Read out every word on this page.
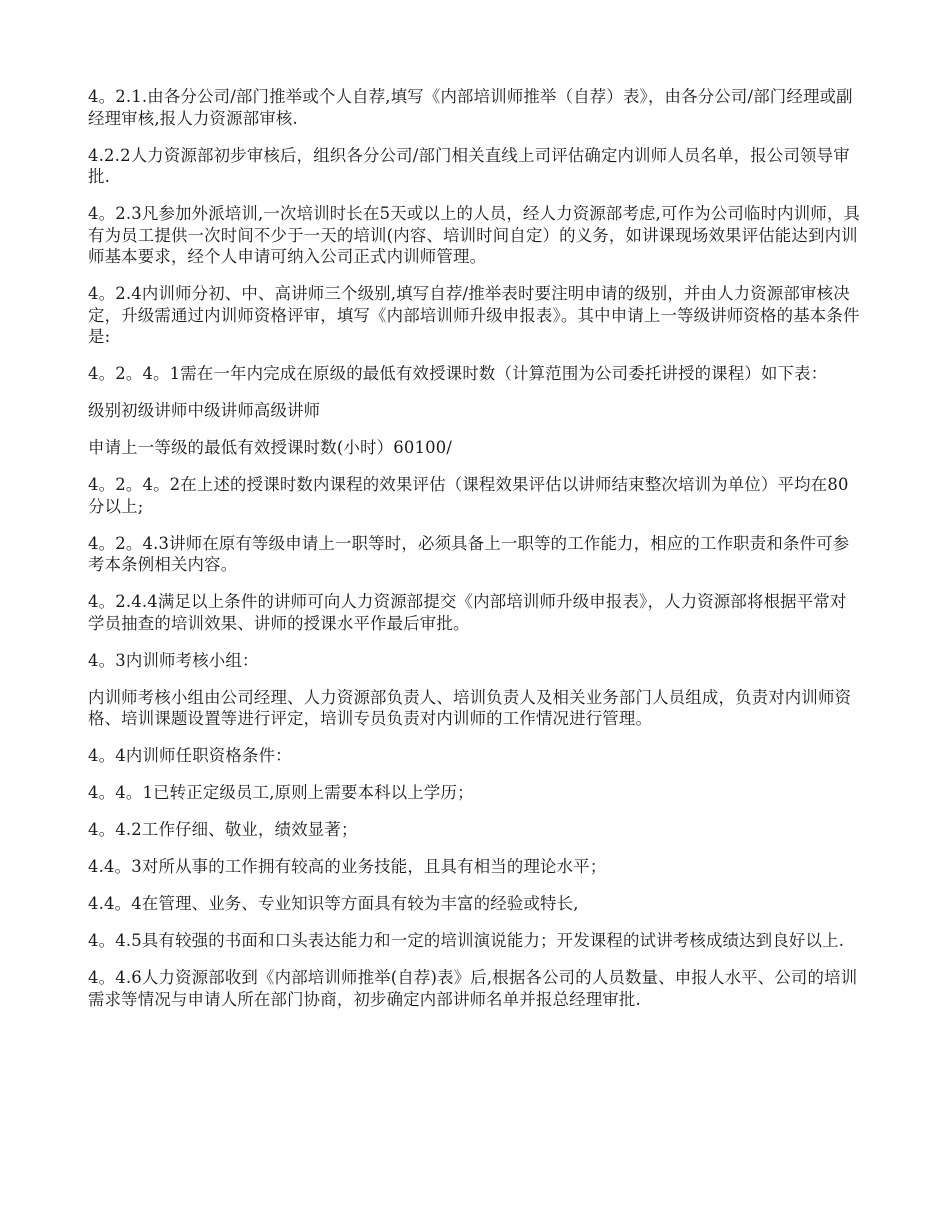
4。2.1.由各分公司/部门推举或个人自荐,填写《内部培训师推举（自荐）表》，由各分公司/部门经理或副经理审核,报人力资源部审核.

4.2.2人力资源部初步审核后，组织各分公司/部门相关直线上司评估确定内训师人员名单，报公司领导审批.

4。2.3凡参加外派培训,一次培训时长在5天或以上的人员，经人力资源部考虑,可作为公司临时内训师，具有为员工提供一次时间不少于一天的培训(内容、培训时间自定）的义务，如讲课现场效果评估能达到内训师基本要求，经个人申请可纳入公司正式内训师管理。

4。2.4内训师分初、中、高讲师三个级别,填写自荐/推举表时要注明申请的级别，并由人力资源部审核决定，升级需通过内训师资格评审，填写《内部培训师升级申报表》。其中申请上一等级讲师资格的基本条件是:

4。2。4。1需在一年内完成在原级的最低有效授课时数（计算范围为公司委托讲授的课程）如下表：

级别初级讲师中级讲师高级讲师

申请上一等级的最低有效授课时数(小时）60100/

4。2。4。2在上述的授课时数内课程的效果评估（课程效果评估以讲师结束整次培训为单位）平均在80分以上;

4。2。4.3讲师在原有等级申请上一职等时，必须具备上一职等的工作能力，相应的工作职责和条件可参考本条例相关内容。

4。2.4.4满足以上条件的讲师可向人力资源部提交《内部培训师升级申报表》，人力资源部将根据平常对学员抽查的培训效果、讲师的授课水平作最后审批。

4。3内训师考核小组：

内训师考核小组由公司经理、人力资源部负责人、培训负责人及相关业务部门人员组成，负责对内训师资格、培训课题设置等进行评定，培训专员负责对内训师的工作情况进行管理。

4。4内训师任职资格条件：

4。4。1已转正定级员工,原则上需要本科以上学历；

4。4.2工作仔细、敬业，绩效显著；

4.4。3对所从事的工作拥有较高的业务技能，且具有相当的理论水平；

4.4。4在管理、业务、专业知识等方面具有较为丰富的经验或特长,

4。4.5具有较强的书面和口头表达能力和一定的培训演说能力；开发课程的试讲考核成绩达到良好以上.

4。4.6人力资源部收到《内部培训师推举(自荐)表》后,根据各公司的人员数量、申报人水平、公司的培训需求等情况与申请人所在部门协商，初步确定内部讲师名单并报总经理审批.
